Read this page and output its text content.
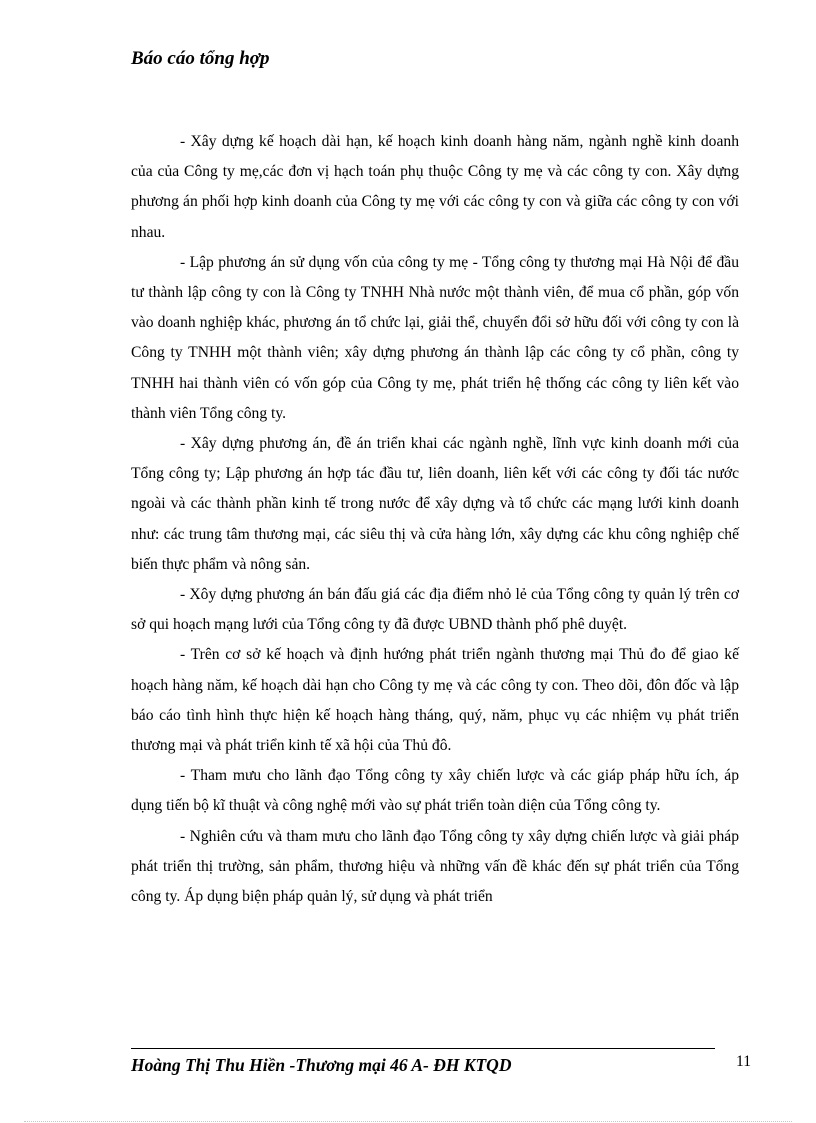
Báo cáo tổng hợp

- Xây dựng kế hoạch dài hạn, kế hoạch kinh doanh hàng năm, ngành nghề kinh doanh của của Công ty mẹ,các đơn vị hạch toán phụ thuộc Công ty mẹ và các công ty con. Xây dựng phương án phối hợp kinh doanh của Công ty mẹ với các công ty con và giữa các công ty con với nhau.

- Lập phương án sử dụng vốn của công ty mẹ - Tổng công ty thương mại Hà Nội để đầu tư thành lập công ty con là Công ty TNHH Nhà nước một thành viên, để mua cổ phần, góp vốn vào doanh nghiệp khác, phương án tổ chức lại, giải thể, chuyển đổi sở hữu đối với công ty con là Công ty TNHH một thành viên; xây dựng phương án thành lập các công ty cổ phần, công ty TNHH hai thành viên có vốn góp của Công ty mẹ, phát triển hệ thống các công ty liên kết vào thành viên Tổng công ty.

- Xây dựng phương án, đề án triển khai các ngành nghề, lĩnh vực kinh doanh mới của Tổng công ty; Lập phương án hợp tác đầu tư, liên doanh, liên kết với các công ty đối tác nước ngoài và các thành phần kinh tế trong nước để xây dựng và tổ chức các mạng lưới kinh doanh như: các trung tâm thương mại, các siêu thị và cửa hàng lớn, xây dựng các khu công nghiệp chế biến thực phẩm và nông sản.

- Xôy dựng phương án bán đấu giá các địa điểm nhỏ lẻ của Tổng công ty quản lý trên cơ sở qui hoạch mạng lưới của Tổng công ty đã được UBND thành phố phê duyệt.

- Trên cơ sở kế hoạch và định hướng phát triển ngành thương mại Thủ đo để giao kế hoạch hàng năm, kế hoạch dài hạn cho Công ty mẹ và các công ty con. Theo dõi, đôn đốc và lập báo cáo tình hình thực hiện kế hoạch hàng tháng, quý, năm, phục vụ các nhiệm vụ phát triển thương mại và phát triển kinh tế xã hội của Thủ đô.

- Tham mưu cho lãnh đạo Tổng công ty xây chiến lược và các giáp pháp hữu ích, áp dụng tiến bộ kĩ thuật và công nghệ mới vào sự phát triển toàn diện của Tổng công ty.

- Nghiên cứu và tham mưu cho lãnh đạo Tổng công ty xây dựng chiến lược và giải pháp phát triển thị trường, sản phẩm, thương hiệu và những vấn đề khác đến sự phát triển của Tổng công ty. Áp dụng biện pháp quản lý, sử dụng và phát triển

Hoàng Thị Thu Hiền -Thương mại 46 A- ĐH KTQD	11
